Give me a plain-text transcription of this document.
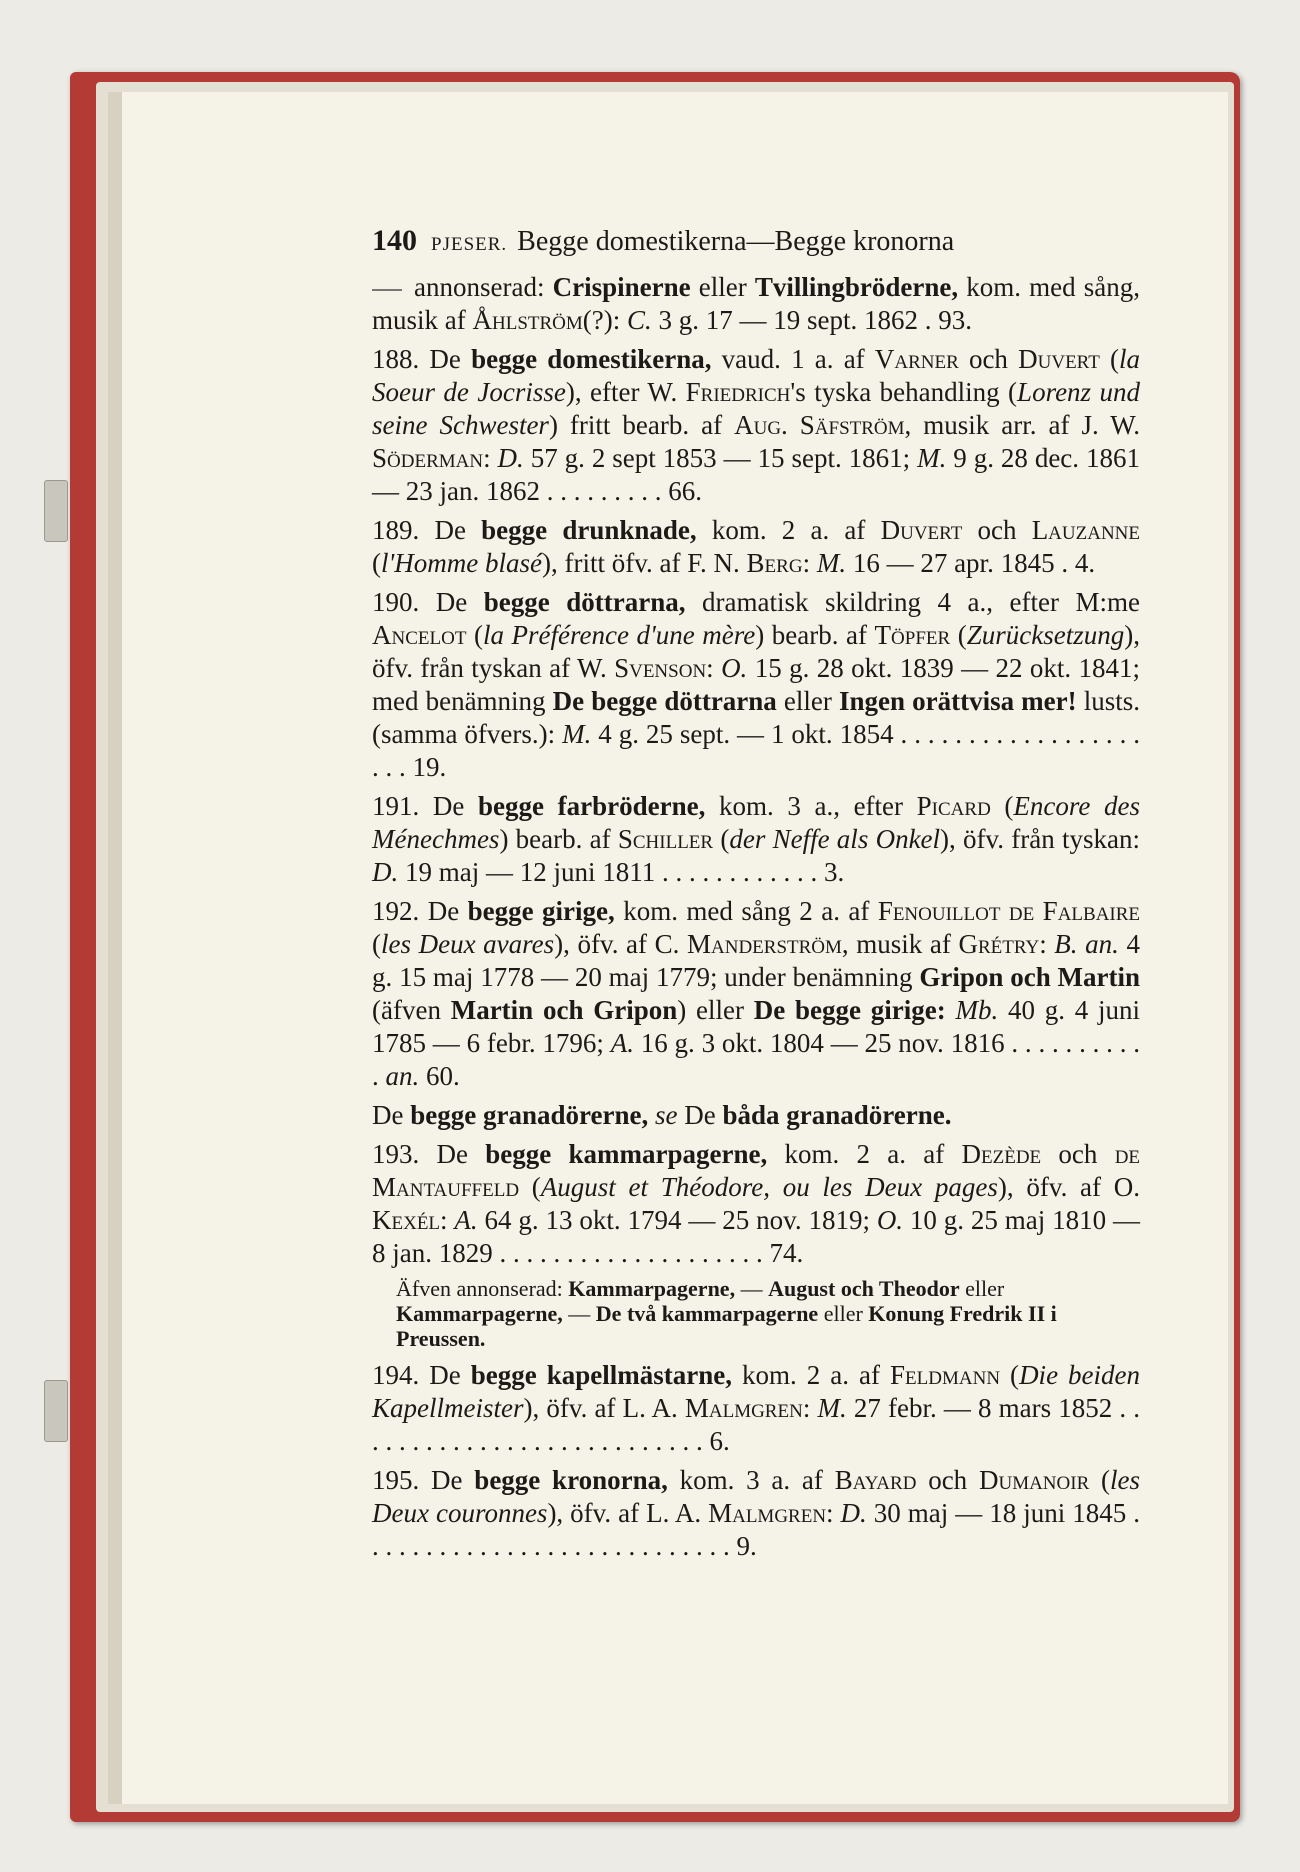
140 PJESER. Begge domestikerna—Begge kronorna

annonserad: Crispinerne eller Tvillingbröderne, kom. med sång, musik af Åhlström(?): C. 3 g. 17 — 19 sept. 1862 . 93.

188. De begge domestikerna, vaud. 1 a. af Varner och Duvert (la Soeur de Jocrisse), efter W. Friedrich's tyska behandling (Lorenz und seine Schwester) fritt bearb. af Aug. Säfström, musik arr. af J. W. Söderman: D. 57 g. 2 sept 1853 — 15 sept. 1861; M. 9 g. 28 dec. 1861 — 23 jan. 1862 . . . . . . . . . 66.

189. De begge drunknade, kom. 2 a. af Duvert och Lauzanne (l'Homme blasé), fritt öfv. af F. N. Berg: M. 16 — 27 apr. 1845 . 4.

190. De begge döttrarna, dramatisk skildring 4 a., efter M:me Ancelot (la Préférence d'une mère) bearb. af Töpfer (Zurücksetzung), öfv. från tyskan af W. Svenson: O. 15 g. 28 okt. 1839 — 22 okt. 1841; med benämning De begge döttrarna eller Ingen orättvisa mer! lusts. (samma öfvers.): M. 4 g. 25 sept. — 1 okt. 1854 . . . . . . . . . . . . . . . . . . . . . 19.

191. De begge farbröderne, kom. 3 a., efter Picard (Encore des Ménechmes) bearb. af Schiller (der Neffe als Onkel), öfv. från tyskan: D. 19 maj — 12 juni 1811 . . . . . . . . . . . . 3.

192. De begge girige, kom. med sång 2 a. af Fenouillot de Falbaire (les Deux avares), öfv. af C. Manderström, musik af Grétry: B. an. 4 g. 15 maj 1778 — 20 maj 1779; under benämning Gripon och Martin (äfven Martin och Gripon) eller De begge girige: Mb. 40 g. 4 juni 1785 — 6 febr. 1796; A. 16 g. 3 okt. 1804 — 25 nov. 1816 . . . . . . . . . . . an. 60.

De begge granadörerne, se De båda granadörerne.

193. De begge kammarpagerne, kom. 2 a. af Dezède och de Mantauffeld (August et Théodore, ou les Deux pages), öfv. af O. Kexél: A. 64 g. 13 okt. 1794 — 25 nov. 1819; O. 10 g. 25 maj 1810 — 8 jan. 1829 . . . . . . . . . . . . . . . . . . . . 74.

Äfven annonserad: Kammarpagerne, — August och Theodor eller Kammarpagerne, — De två kammarpagerne eller Konung Fredrik II i Preussen.

194. De begge kapellmästarne, kom. 2 a. af Feldmann (Die beiden Kapellmeister), öfv. af L. A. Malmgren: M. 27 febr. — 8 mars 1852 . . . . . . . . . . . . . . . . . . . . . . . . . . . 6.

195. De begge kronorna, kom. 3 a. af Bayard och Dumanoir (les Deux couronnes), öfv. af L. A. Malmgren: D. 30 maj — 18 juni 1845 . . . . . . . . . . . . . . . . . . . . . . . . . . . . 9.
